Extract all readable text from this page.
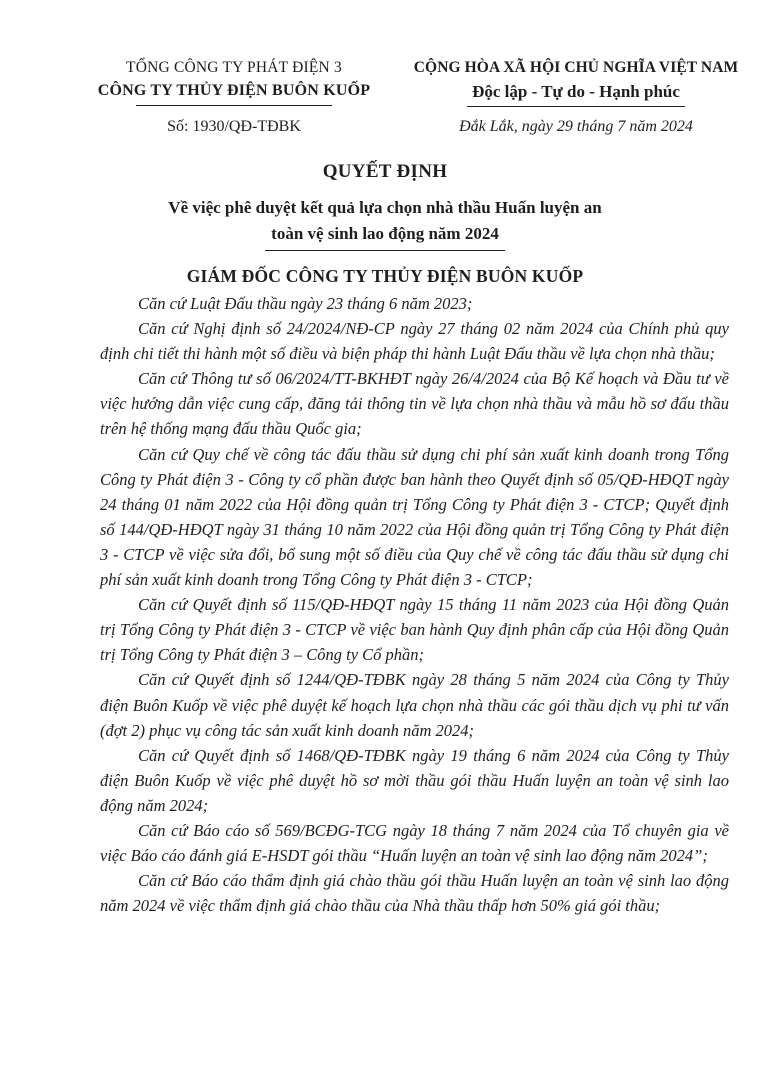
TỔNG CÔNG TY PHÁT ĐIỆN 3
CÔNG TY THỦY ĐIỆN BUÔN KUỐP
Số: 1930/QĐ-TĐBK
CỘNG HÒA XÃ HỘI CHỦ NGHĨA VIỆT NAM
Độc lập - Tự do - Hạnh phúc
Đắk Lắk, ngày 29 tháng 7 năm 2024
QUYẾT ĐỊNH
Về việc phê duyệt kết quả lựa chọn nhà thầu Huấn luyện an
toàn vệ sinh lao động năm 2024
GIÁM ĐỐC CÔNG TY THỦY ĐIỆN BUÔN KUỐP

Căn cứ Luật Đấu thầu ngày 23 tháng 6 năm 2023;

Căn cứ Nghị định số 24/2024/NĐ-CP ngày 27 tháng 02 năm 2024 của Chính phủ quy định chi tiết thi hành một số điều và biện pháp thi hành Luật Đấu thầu về lựa chọn nhà thầu;

Căn cứ Thông tư số 06/2024/TT-BKHĐT ngày 26/4/2024 của Bộ Kế hoạch và Đầu tư về việc hướng dẫn việc cung cấp, đăng tải thông tin về lựa chọn nhà thầu và mẫu hồ sơ đấu thầu trên hệ thống mạng đấu thầu Quốc gia;

Căn cứ Quy chế về công tác đấu thầu sử dụng chi phí sản xuất kinh doanh trong Tổng Công ty Phát điện 3 - Công ty cổ phần được ban hành theo Quyết định số 05/QĐ-HĐQT ngày 24 tháng 01 năm 2022 của Hội đồng quản trị Tổng Công ty Phát điện 3 - CTCP; Quyết định số 144/QĐ-HĐQT ngày 31 tháng 10 năm 2022 của Hội đồng quản trị Tổng Công ty Phát điện 3 - CTCP về việc sửa đổi, bổ sung một số điều của Quy chế về công tác đấu thầu sử dụng chi phí sản xuất kinh doanh trong Tổng Công ty Phát điện 3 - CTCP;

Căn cứ Quyết định số 115/QĐ-HĐQT ngày 15 tháng 11 năm 2023 của Hội đồng Quản trị Tổng Công ty Phát điện 3 - CTCP về việc ban hành Quy định phân cấp của Hội đồng Quản trị Tổng Công ty Phát điện 3 – Công ty Cổ phần;

Căn cứ Quyết định số 1244/QĐ-TĐBK ngày 28 tháng 5 năm 2024 của Công ty Thủy điện Buôn Kuốp về việc phê duyệt kế hoạch lựa chọn nhà thầu các gói thầu dịch vụ phi tư vấn (đợt 2) phục vụ công tác sản xuất kinh doanh năm 2024;

Căn cứ Quyết định số 1468/QĐ-TĐBK ngày 19 tháng 6 năm 2024 của Công ty Thủy điện Buôn Kuốp về việc phê duyệt hồ sơ mời thầu gói thầu Huấn luyện an toàn vệ sinh lao động năm 2024;

Căn cứ Báo cáo số 569/BCĐG-TCG ngày 18 tháng 7 năm 2024 của Tổ chuyên gia về việc Báo cáo đánh giá E-HSDT gói thầu “Huấn luyện an toàn vệ sinh lao động năm 2024”;

Căn cứ Báo cáo thẩm định giá chào thầu gói thầu Huấn luyện an toàn vệ sinh lao động năm 2024 về việc thẩm định giá chào thầu của Nhà thầu thấp hơn 50% giá gói thầu;
